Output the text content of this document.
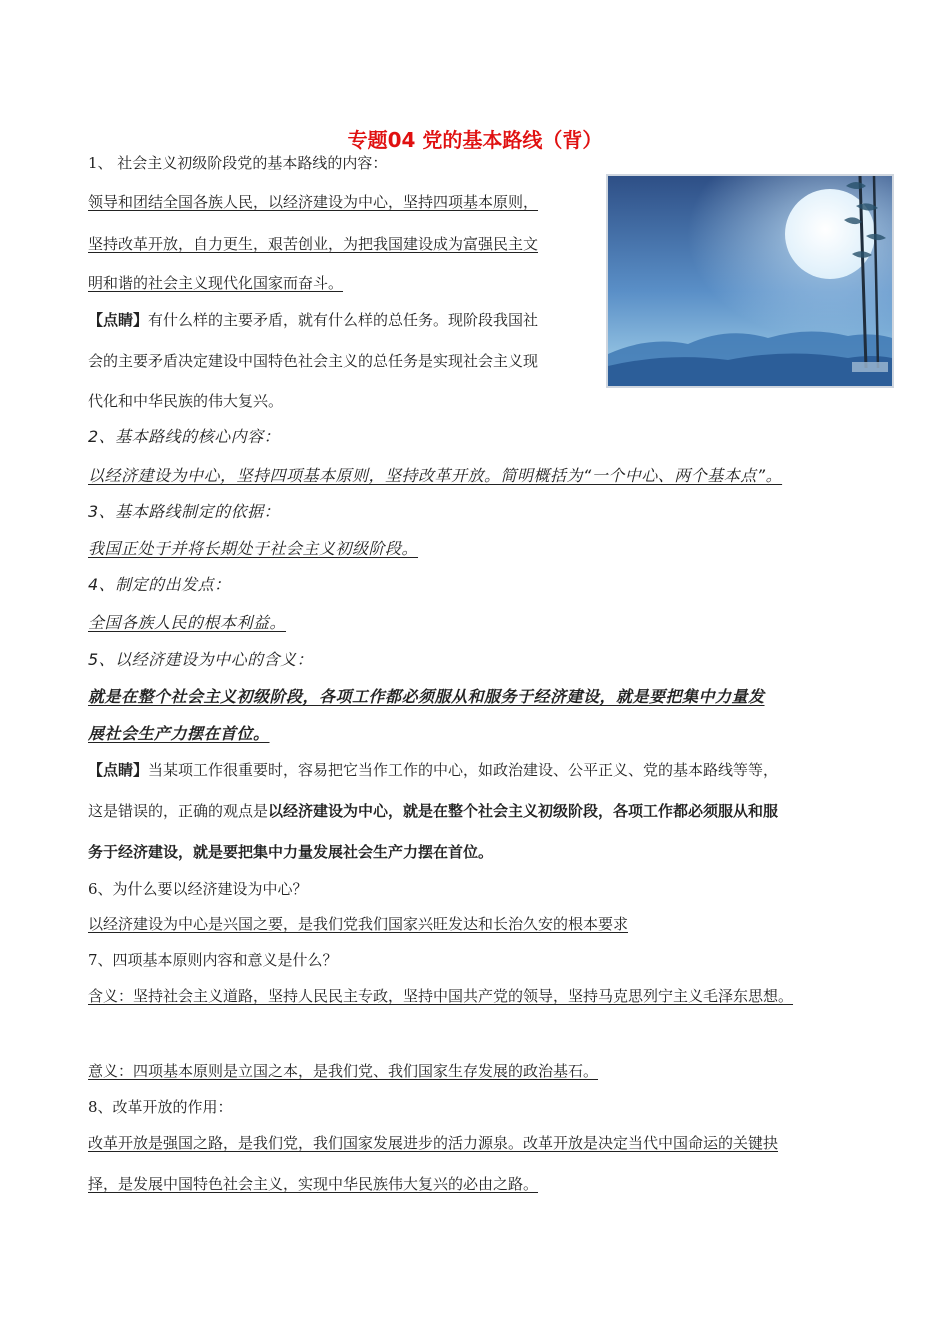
专题04 党的基本路线（背）
1、 社会主义初级阶段党的基本路线的内容：
领导和团结全国各族人民，以经济建设为中心，坚持四项基本原则，
坚持改革开放，自力更生，艰苦创业，为把我国建设成为富强民主文
明和谐的社会主义现代化国家而奋斗。
【点睛】有什么样的主要矛盾，就有什么样的总任务。现阶段我国社
会的主要矛盾决定建设中国特色社会主义的总任务是实现社会主义现
代化和中华民族的伟大复兴。
2、基本路线的核心内容：
以经济建设为中心，坚持四项基本原则，坚持改革开放。简明概括为“一个中心、两个基本点”。
3、基本路线制定的依据：
我国正处于并将长期处于社会主义初级阶段。
4、制定的出发点：
全国各族人民的根本利益。
5、以经济建设为中心的含义：
就是在整个社会主义初级阶段，各项工作都必须服从和服务于经济建设，就是要把集中力量发
展社会生产力摆在首位。
【点睛】当某项工作很重要时，容易把它当作工作的中心，如政治建设、公平正义、党的基本路线等等，
这是错误的，正确的观点是以经济建设为中心，就是在整个社会主义初级阶段，各项工作都必须服从和服
务于经济建设，就是要把集中力量发展社会生产力摆在首位。
6、为什么要以经济建设为中心？
以经济建设为中心是兴国之要，是我们党我们国家兴旺发达和长治久安的根本要求
7、四项基本原则内容和意义是什么？
含义：坚持社会主义道路，坚持人民民主专政，坚持中国共产党的领导，坚持马克思列宁主义毛泽东思想。
意义：四项基本原则是立国之本，是我们党、我们国家生存发展的政治基石。
8、改革开放的作用：
改革开放是强国之路，是我们党，我们国家发展进步的活力源泉。改革开放是决定当代中国命运的关键抉
择，是发展中国特色社会主义，实现中华民族伟大复兴的必由之路。
